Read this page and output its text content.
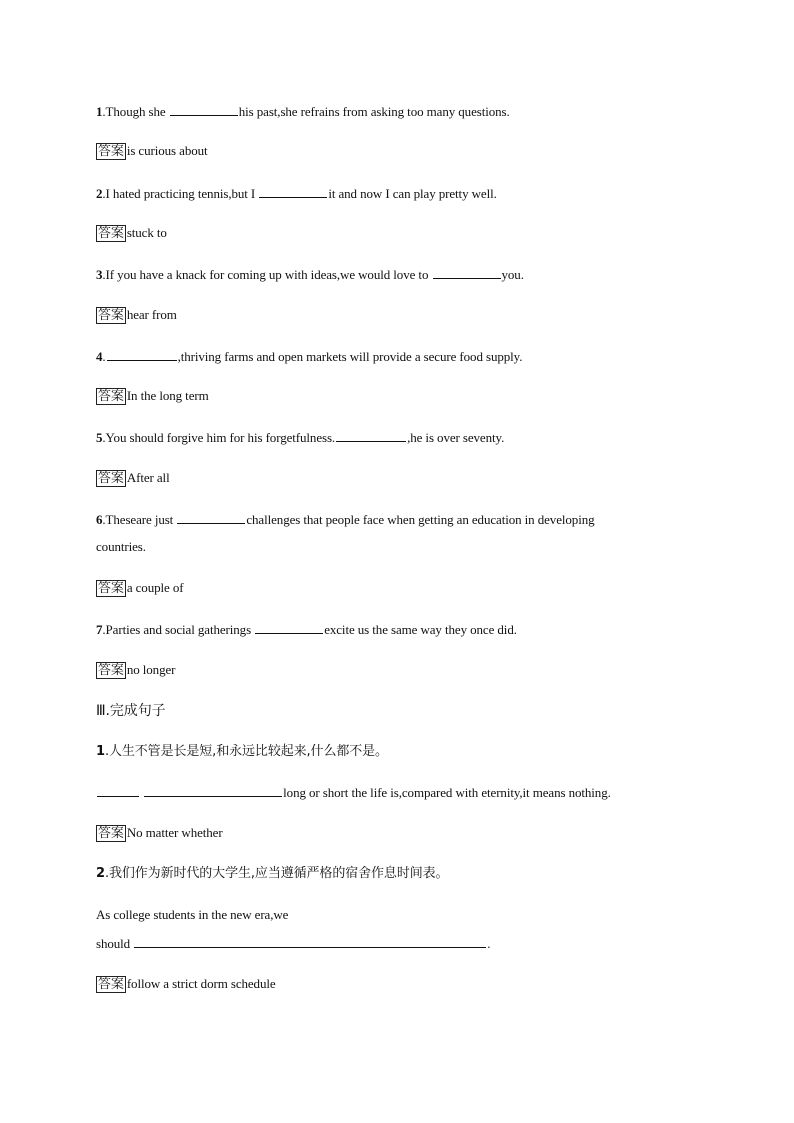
1.Though she	his past,she refrains from asking too many questions.
答案 is curious about
2.I hated practicing tennis,but I	it and now I can play pretty well.
答案 stuck to
3.If you have a knack for coming up with ideas,we would love to	you.
答案 hear from
4.	,thriving farms and open markets will provide a secure food supply.
答案 In the long term
5.You should forgive him for his forgetfulness.	,he is over seventy.
答案 After all
6.Theseare just	challenges that people face when getting an education in developing
countries.
答案 a couple of
7.Parties and social gatherings	excite us the same way they once did.
答案 no longer
Ⅲ.完成句子
1.人生不管是长是短,和永远比较起来,什么都不是。
long or short the life is,compared with eternity,it means nothing.
答案 No matter whether
2.我们作为新时代的大学生,应当遵循严格的宿舍作息时间表。
As college students in the new era,we
should	.
答案 follow a strict dorm schedule
